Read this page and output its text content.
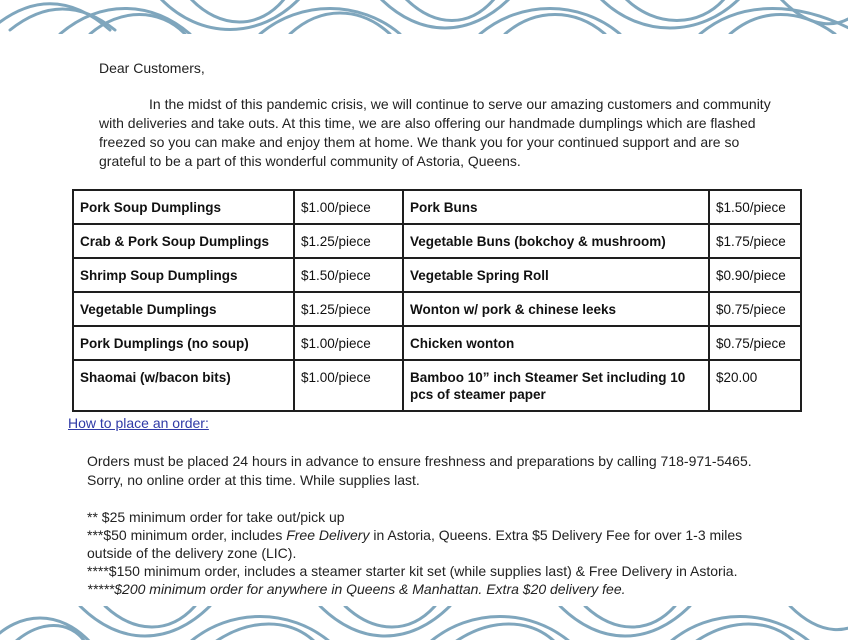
Dear Customers,

In the midst of this pandemic crisis, we will continue to serve our amazing customers and community with deliveries and take outs. At this time, we are also offering our handmade dumplings which are flashed freezed so you can make and enjoy them at home. We thank you for your continued support and are so grateful to be a part of this wonderful community of Astoria, Queens.

Pork Soup Dumplings	$1.00/piece	Pork Buns	$1.50/piece
Crab & Pork Soup Dumplings	$1.25/piece	Vegetable Buns (bokchoy & mushroom)	$1.75/piece
Shrimp Soup Dumplings	$1.50/piece	Vegetable Spring Roll	$0.90/piece
Vegetable Dumplings	$1.25/piece	Wonton w/ pork & chinese leeks	$0.75/piece
Pork Dumplings (no soup)	$1.00/piece	Chicken wonton	$0.75/piece
Shaomai (w/bacon bits)	$1.00/piece	Bamboo 10” inch Steamer Set including 10 pcs of steamer paper	$20.00
How to place an order:

Orders must be placed 24 hours in advance to ensure freshness and preparations by calling 718-971-5465. Sorry, no online order at this time. While supplies last.

** $25 minimum order for take out/pick up
***$50 minimum order, includes Free Delivery in Astoria, Queens. Extra $5 Delivery Fee for over 1-3 miles outside of the delivery zone (LIC).
****$150 minimum order, includes a steamer starter kit set (while supplies last) & Free Delivery in Astoria.
*****$200 minimum order for anywhere in Queens & Manhattan. Extra $20 delivery fee.
